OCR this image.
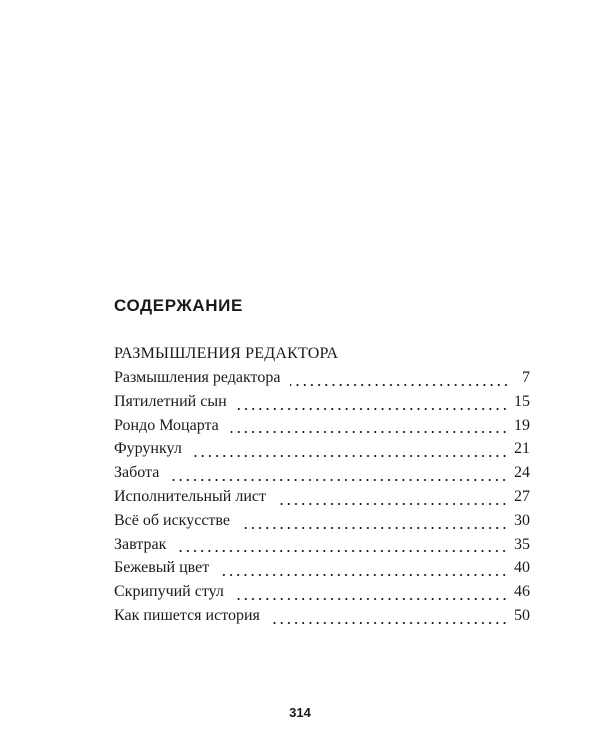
СОДЕРЖАНИЕ
РАЗМЫШЛЕНИЯ РЕДАКТОРА
Размышления редактора	7
Пятилетний сын	15
Рондо Моцарта	19
Фурункул	21
Забота	24
Исполнительный лист	27
Всё об искусстве	30
Завтрак	35
Бежевый цвет	40
Скрипучий стул	46
Как пишется история	50
314
